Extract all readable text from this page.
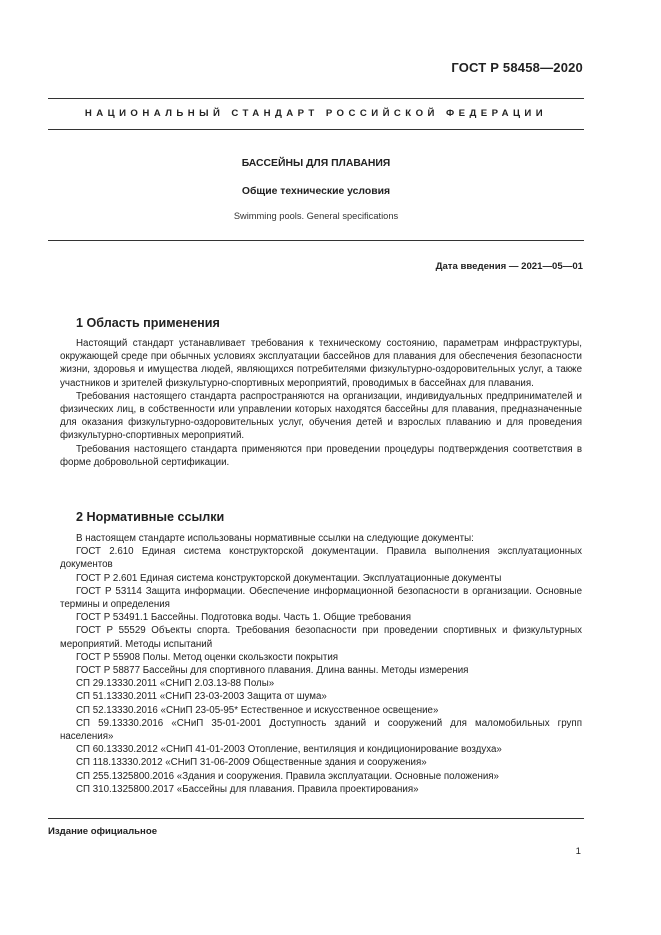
ГОСТ Р 58458—2020
НАЦИОНАЛЬНЫЙ СТАНДАРТ РОССИЙСКОЙ ФЕДЕРАЦИИ
БАССЕЙНЫ ДЛЯ ПЛАВАНИЯ
Общие технические условия
Swimming pools. General specifications
Дата введения — 2021—05—01
1 Область применения

Настоящий стандарт устанавливает требования к техническому состоянию, параметрам инфраструктуры, окружающей среде при обычных условиях эксплуатации бассейнов для плавания для обеспечения безопасности жизни, здоровья и имущества людей, являющихся потребителями физкультурно-оздоровительных услуг, а также участников и зрителей физкультурно-спортивных мероприятий, проводимых в бассейнах для плавания.

Требования настоящего стандарта распространяются на организации, индивидуальных предпринимателей и физических лиц, в собственности или управлении которых находятся бассейны для плавания, предназначенные для оказания физкультурно-оздоровительных услуг, обучения детей и взрослых плаванию и для проведения физкультурно-спортивных мероприятий.

Требования настоящего стандарта применяются при проведении процедуры подтверждения соответствия в форме добровольной сертификации.

2 Нормативные ссылки

В настоящем стандарте использованы нормативные ссылки на следующие документы:

ГОСТ 2.610 Единая система конструкторской документации. Правила выполнения эксплуатационных документов

ГОСТ Р 2.601 Единая система конструкторской документации. Эксплуатационные документы

ГОСТ Р 53114 Защита информации. Обеспечение информационной безопасности в организации. Основные термины и определения

ГОСТ Р 53491.1 Бассейны. Подготовка воды. Часть 1. Общие требования

ГОСТ Р 55529 Объекты спорта. Требования безопасности при проведении спортивных и физкультурных мероприятий. Методы испытаний

ГОСТ Р 55908 Полы. Метод оценки скользкости покрытия

ГОСТ Р 58877 Бассейны для спортивного плавания. Длина ванны. Методы измерения

СП 29.13330.2011 «СНиП 2.03.13-88 Полы»

СП 51.13330.2011 «СНиП 23-03-2003 Защита от шума»

СП 52.13330.2016 «СНиП 23-05-95* Естественное и искусственное освещение»

СП 59.13330.2016 «СНиП 35-01-2001 Доступность зданий и сооружений для маломобильных групп населения»

СП 60.13330.2012 «СНиП 41-01-2003 Отопление, вентиляция и кондиционирование воздуха»

СП 118.13330.2012 «СНиП 31-06-2009 Общественные здания и сооружения»

СП 255.1325800.2016 «Здания и сооружения. Правила эксплуатации. Основные положения»

СП 310.1325800.2017 «Бассейны для плавания. Правила проектирования»

Издание официальное
1
